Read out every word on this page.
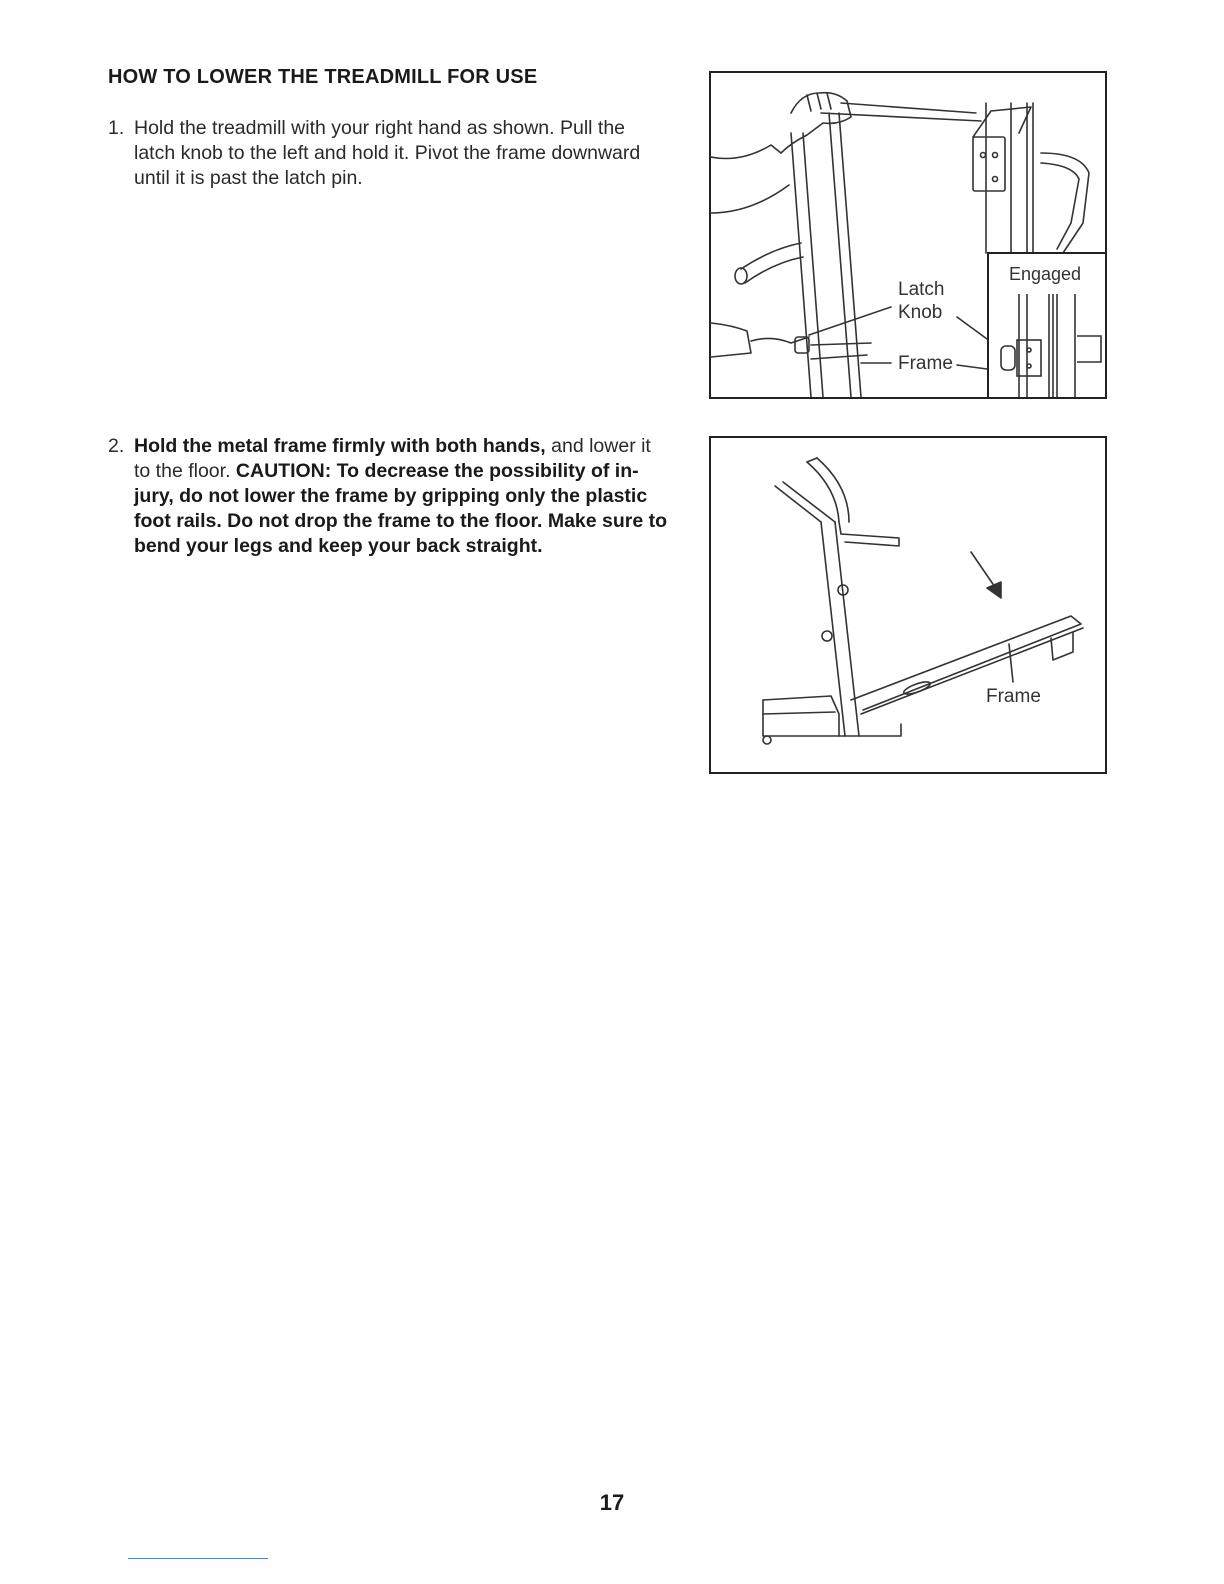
HOW TO LOWER THE TREADMILL FOR USE
1. Hold the treadmill with your right hand as shown. Pull the
latch knob to the left and hold it. Pivot the frame downward
until it is past the latch pin.
2. Hold the metal frame firmly with both hands, and lower it
to the floor. CAUTION: To decrease the possibility of in-
jury, do not lower the frame by gripping only the plastic
foot rails. Do not drop the frame to the floor. Make sure to
bend your legs and keep your back straight.
Latch
Knob
Frame
Engaged
Frame
17
